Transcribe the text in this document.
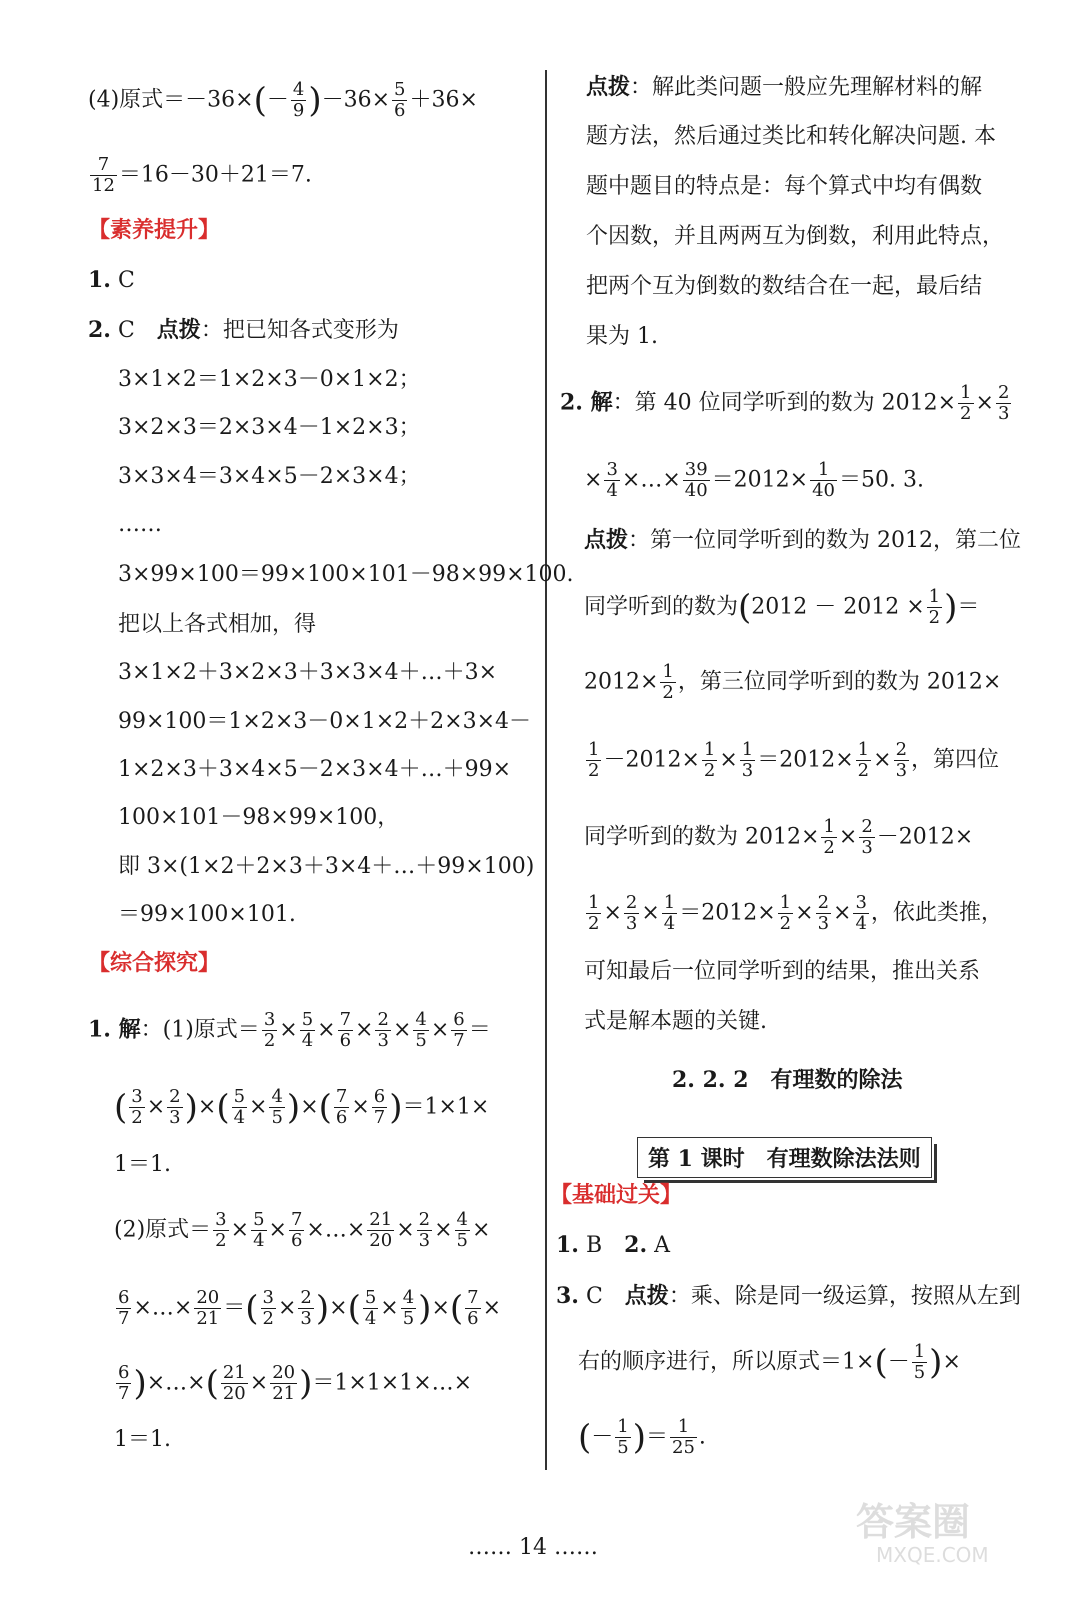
(4)原式$=-36\times(- \frac{4}{9} )-36\times \frac{5}{6} +36\times$
$\frac{7}{12} =16-30+21=7$.
【素养提升】
1. C
2. C　点拨：把已知各式变形为
3×1×2＝1×2×3－0×1×2；
3×2×3＝2×3×4－1×2×3；
3×3×4＝3×4×5－2×3×4；
……
3×99×100＝99×100×101－98×99×100.
把以上各式相加，得
3×1×2＋3×2×3＋3×3×4＋…＋3×
99×100＝1×2×3－0×1×2＋2×3×4－
1×2×3＋3×4×5－2×3×4＋…＋99×
100×101－98×99×100，
即 3×(1×2＋2×3＋3×4＋…＋99×100)
＝99×100×101.
【综合探究】
1. 解：(1)原式＝ $\frac{3}{2} \times \frac{5}{4} \times \frac{7}{6} \times \frac{2}{3} \times \frac{4}{5} \times \frac{6}{7}$ ＝
( $\frac{3}{2} \times \frac{2}{3}$ )×( $\frac{5}{4} \times \frac{4}{5}$ )×( $\frac{7}{6} \times \frac{6}{7} )=1\times 1\times$
1＝1.
(2)原式＝ $\frac{3}{2} \times \frac{5}{4} \times \frac{7}{6}$ ×…× $\frac{21}{20} \times \frac{2}{3} \times \frac{4}{5}$ ×
$\frac{6}{7}$ ×…× $\frac{20}{21}$ ＝( $\frac{3}{2} \times \frac{2}{3}$ )×( $\frac{5}{4} \times \frac{4}{5}$ )×( $\frac{7}{6}$ ×
$\frac{6}{7}$ )×…×( $\frac{21}{20} \times \frac{20}{21}$ )＝1×1×1×…×
1＝1.
点拨：解此类问题一般应先理解材料的解
题方法，然后通过类比和转化解决问题. 本
题中题目的特点是：每个算式中均有偶数
个因数，并且两两互为倒数，利用此特点，
把两个互为倒数的数结合在一起，最后结
果为 1.
2. 解：第 40 位同学听到的数为 $2012\times \frac{1}{2} \times \frac{2}{3}$
× $\frac{3}{4}$ ×…× $\frac{39}{40} =2012\times \frac{1}{40} =50$. 3.
点拨：第一位同学听到的数为 2012，第二位
同学听到的数为($2012 - 2012 \times \frac{1}{2}$ )＝
$2012\times \frac{1}{2}$ ，第三位同学听到的数为 2012×
$\frac{1}{2} -2012\times \frac{1}{2} \times \frac{1}{3} =2012\times \frac{1}{2} \times \frac{2}{3}$ ，第四位
同学听到的数为 $2012\times \frac{1}{2} \times \frac{2}{3} -2012\times$
$\frac{1}{2} \times \frac{2}{3} \times \frac{1}{4} =2012\times \frac{1}{2} \times \frac{2}{3} \times \frac{3}{4}$ ，依此类推，
可知最后一位同学听到的结果，推出关系
式是解本题的关键.
2. 2. 2　有理数的除法
【基础过关】
1. B　2. A
3. C　点拨：乘、除是同一级运算，按照从左到
右的顺序进行，所以原式$=1\times(- \frac{1}{5}$ )×
(－ $\frac{1}{5}$ )＝ $\frac{1}{25}$ .
第 1 课时　有理数除法法则
…… 14 ……
答案圈
MXQE.COM
